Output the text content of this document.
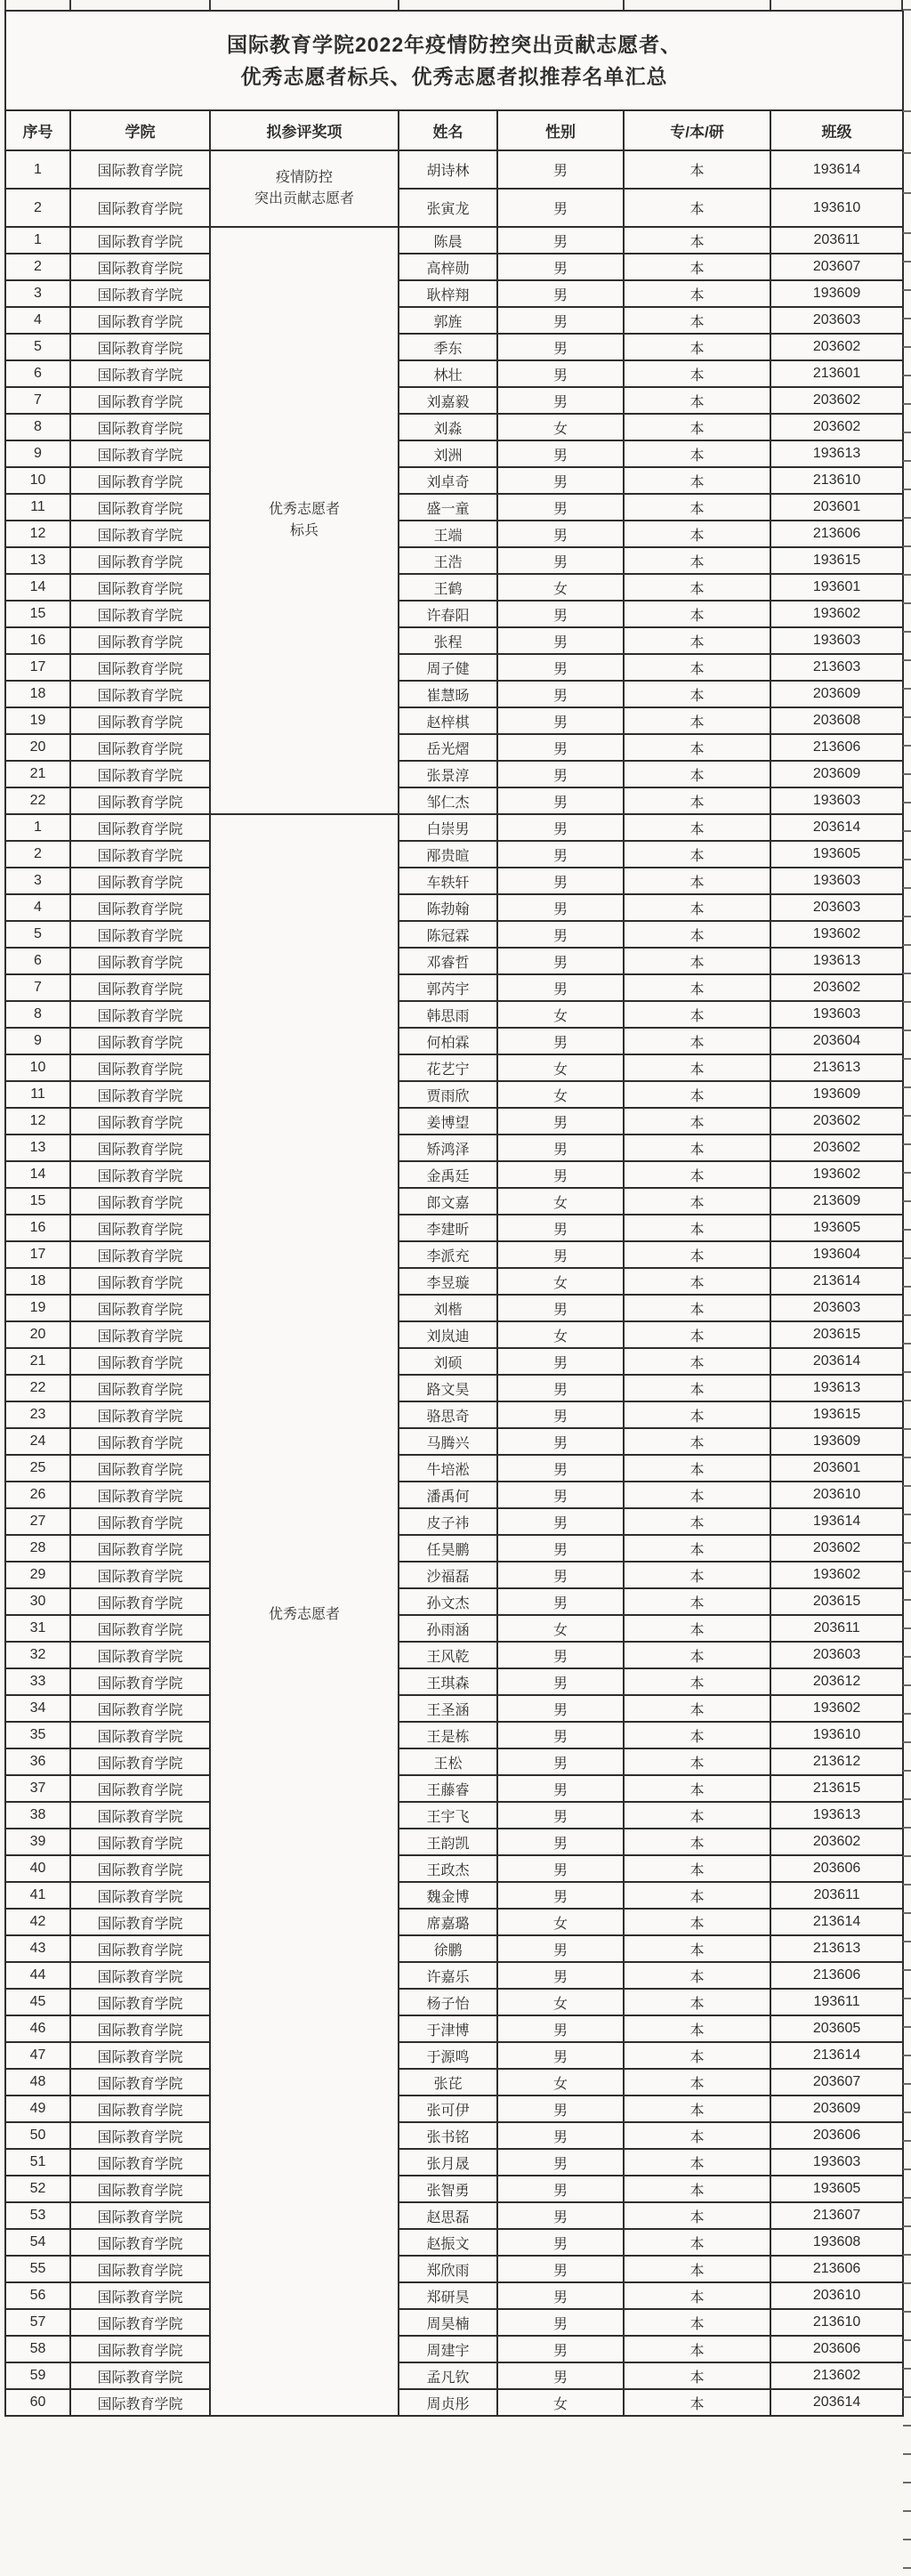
国际教育学院2022年疫情防控突出贡献志愿者、
优秀志愿者标兵、优秀志愿者拟推荐名单汇总						

序号	学院	拟参评奖项	姓名	性别	专/本/研	班级
1	国际教育学院	疫情防控
突出贡献志愿者	胡诗林	男	本	193614
2	国际教育学院		张寅龙	男	本	193610
1	国际教育学院	优秀志愿者
标兵	陈晨	男	本	203611
2	国际教育学院		高梓勋	男	本	203607
3	国际教育学院		耿梓翔	男	本	193609
4	国际教育学院		郭旌	男	本	203603
5	国际教育学院		季东	男	本	203602
6	国际教育学院		林壮	男	本	213601
7	国际教育学院		刘嘉毅	男	本	203602
8	国际教育学院		刘淼	女	本	203602
9	国际教育学院		刘洲	男	本	193613
10	国际教育学院		刘卓奇	男	本	213610
11	国际教育学院		盛一童	男	本	203601
12	国际教育学院		王端	男	本	213606
13	国际教育学院		王浩	男	本	193615
14	国际教育学院		王鹤	女	本	193601
15	国际教育学院		许春阳	男	本	193602
16	国际教育学院		张程	男	本	193603
17	国际教育学院		周子健	男	本	213603
18	国际教育学院		崔慧旸	男	本	203609
19	国际教育学院		赵梓棋	男	本	203608
20	国际教育学院		岳光熠	男	本	213606
21	国际教育学院		张景淳	男	本	203609
22	国际教育学院		邹仁杰	男	本	193603
1	国际教育学院	优秀志愿者	白崇男	男	本	203614
2	国际教育学院		邴贵暄	男	本	193605
3	国际教育学院		车轶轩	男	本	193603
4	国际教育学院		陈勃翰	男	本	203603
5	国际教育学院		陈冠霖	男	本	193602
6	国际教育学院		邓睿哲	男	本	193613
7	国际教育学院		郭芮宇	男	本	203602
8	国际教育学院		韩思雨	女	本	193603
9	国际教育学院		何柏霖	男	本	203604
10	国际教育学院		花艺宁	女	本	213613
11	国际教育学院		贾雨欣	女	本	193609
12	国际教育学院		姜博望	男	本	203602
13	国际教育学院		矫鸿泽	男	本	203602
14	国际教育学院		金禹廷	男	本	193602
15	国际教育学院		郎文嘉	女	本	213609
16	国际教育学院		李建昕	男	本	193605
17	国际教育学院		李派充	男	本	193604
18	国际教育学院		李昱璇	女	本	213614
19	国际教育学院		刘楷	男	本	203603
20	国际教育学院		刘岚迪	女	本	203615
21	国际教育学院		刘硕	男	本	203614
22	国际教育学院		路文昊	男	本	193613
23	国际教育学院		骆思奇	男	本	193615
24	国际教育学院		马腾兴	男	本	193609
25	国际教育学院		牛培淞	男	本	203601
26	国际教育学院		潘禹何	男	本	203610
27	国际教育学院		皮子祎	男	本	193614
28	国际教育学院		任昊鹏	男	本	203602
29	国际教育学院		沙福磊	男	本	193602
30	国际教育学院		孙文杰	男	本	203615
31	国际教育学院		孙雨涵	女	本	203611
32	国际教育学院		王风乾	男	本	203603
33	国际教育学院		王琪森	男	本	203612
34	国际教育学院		王圣涵	男	本	193602
35	国际教育学院		王是栋	男	本	193610
36	国际教育学院		王松	男	本	213612
37	国际教育学院		王藤睿	男	本	213615
38	国际教育学院		王宇飞	男	本	193613
39	国际教育学院		王韵凯	男	本	203602
40	国际教育学院		王政杰	男	本	203606
41	国际教育学院		魏金博	男	本	203611
42	国际教育学院		席嘉璐	女	本	213614
43	国际教育学院		徐鹏	男	本	213613
44	国际教育学院		许嘉乐	男	本	213606
45	国际教育学院		杨子怡	女	本	193611
46	国际教育学院		于津博	男	本	203605
47	国际教育学院		于源鸣	男	本	213614
48	国际教育学院		张芘	女	本	203607
49	国际教育学院		张可伊	男	本	203609
50	国际教育学院		张书铭	男	本	203606
51	国际教育学院		张月晟	男	本	193603
52	国际教育学院		张智勇	男	本	193605
53	国际教育学院		赵思磊	男	本	213607
54	国际教育学院		赵振文	男	本	193608
55	国际教育学院		郑欣雨	男	本	213606
56	国际教育学院		郑研昊	男	本	203610
57	国际教育学院		周昊楠	男	本	213610
58	国际教育学院		周建宇	男	本	203606
59	国际教育学院		孟凡钦	男	本	213602
60	国际教育学院		周贞彤	女	本	203614
